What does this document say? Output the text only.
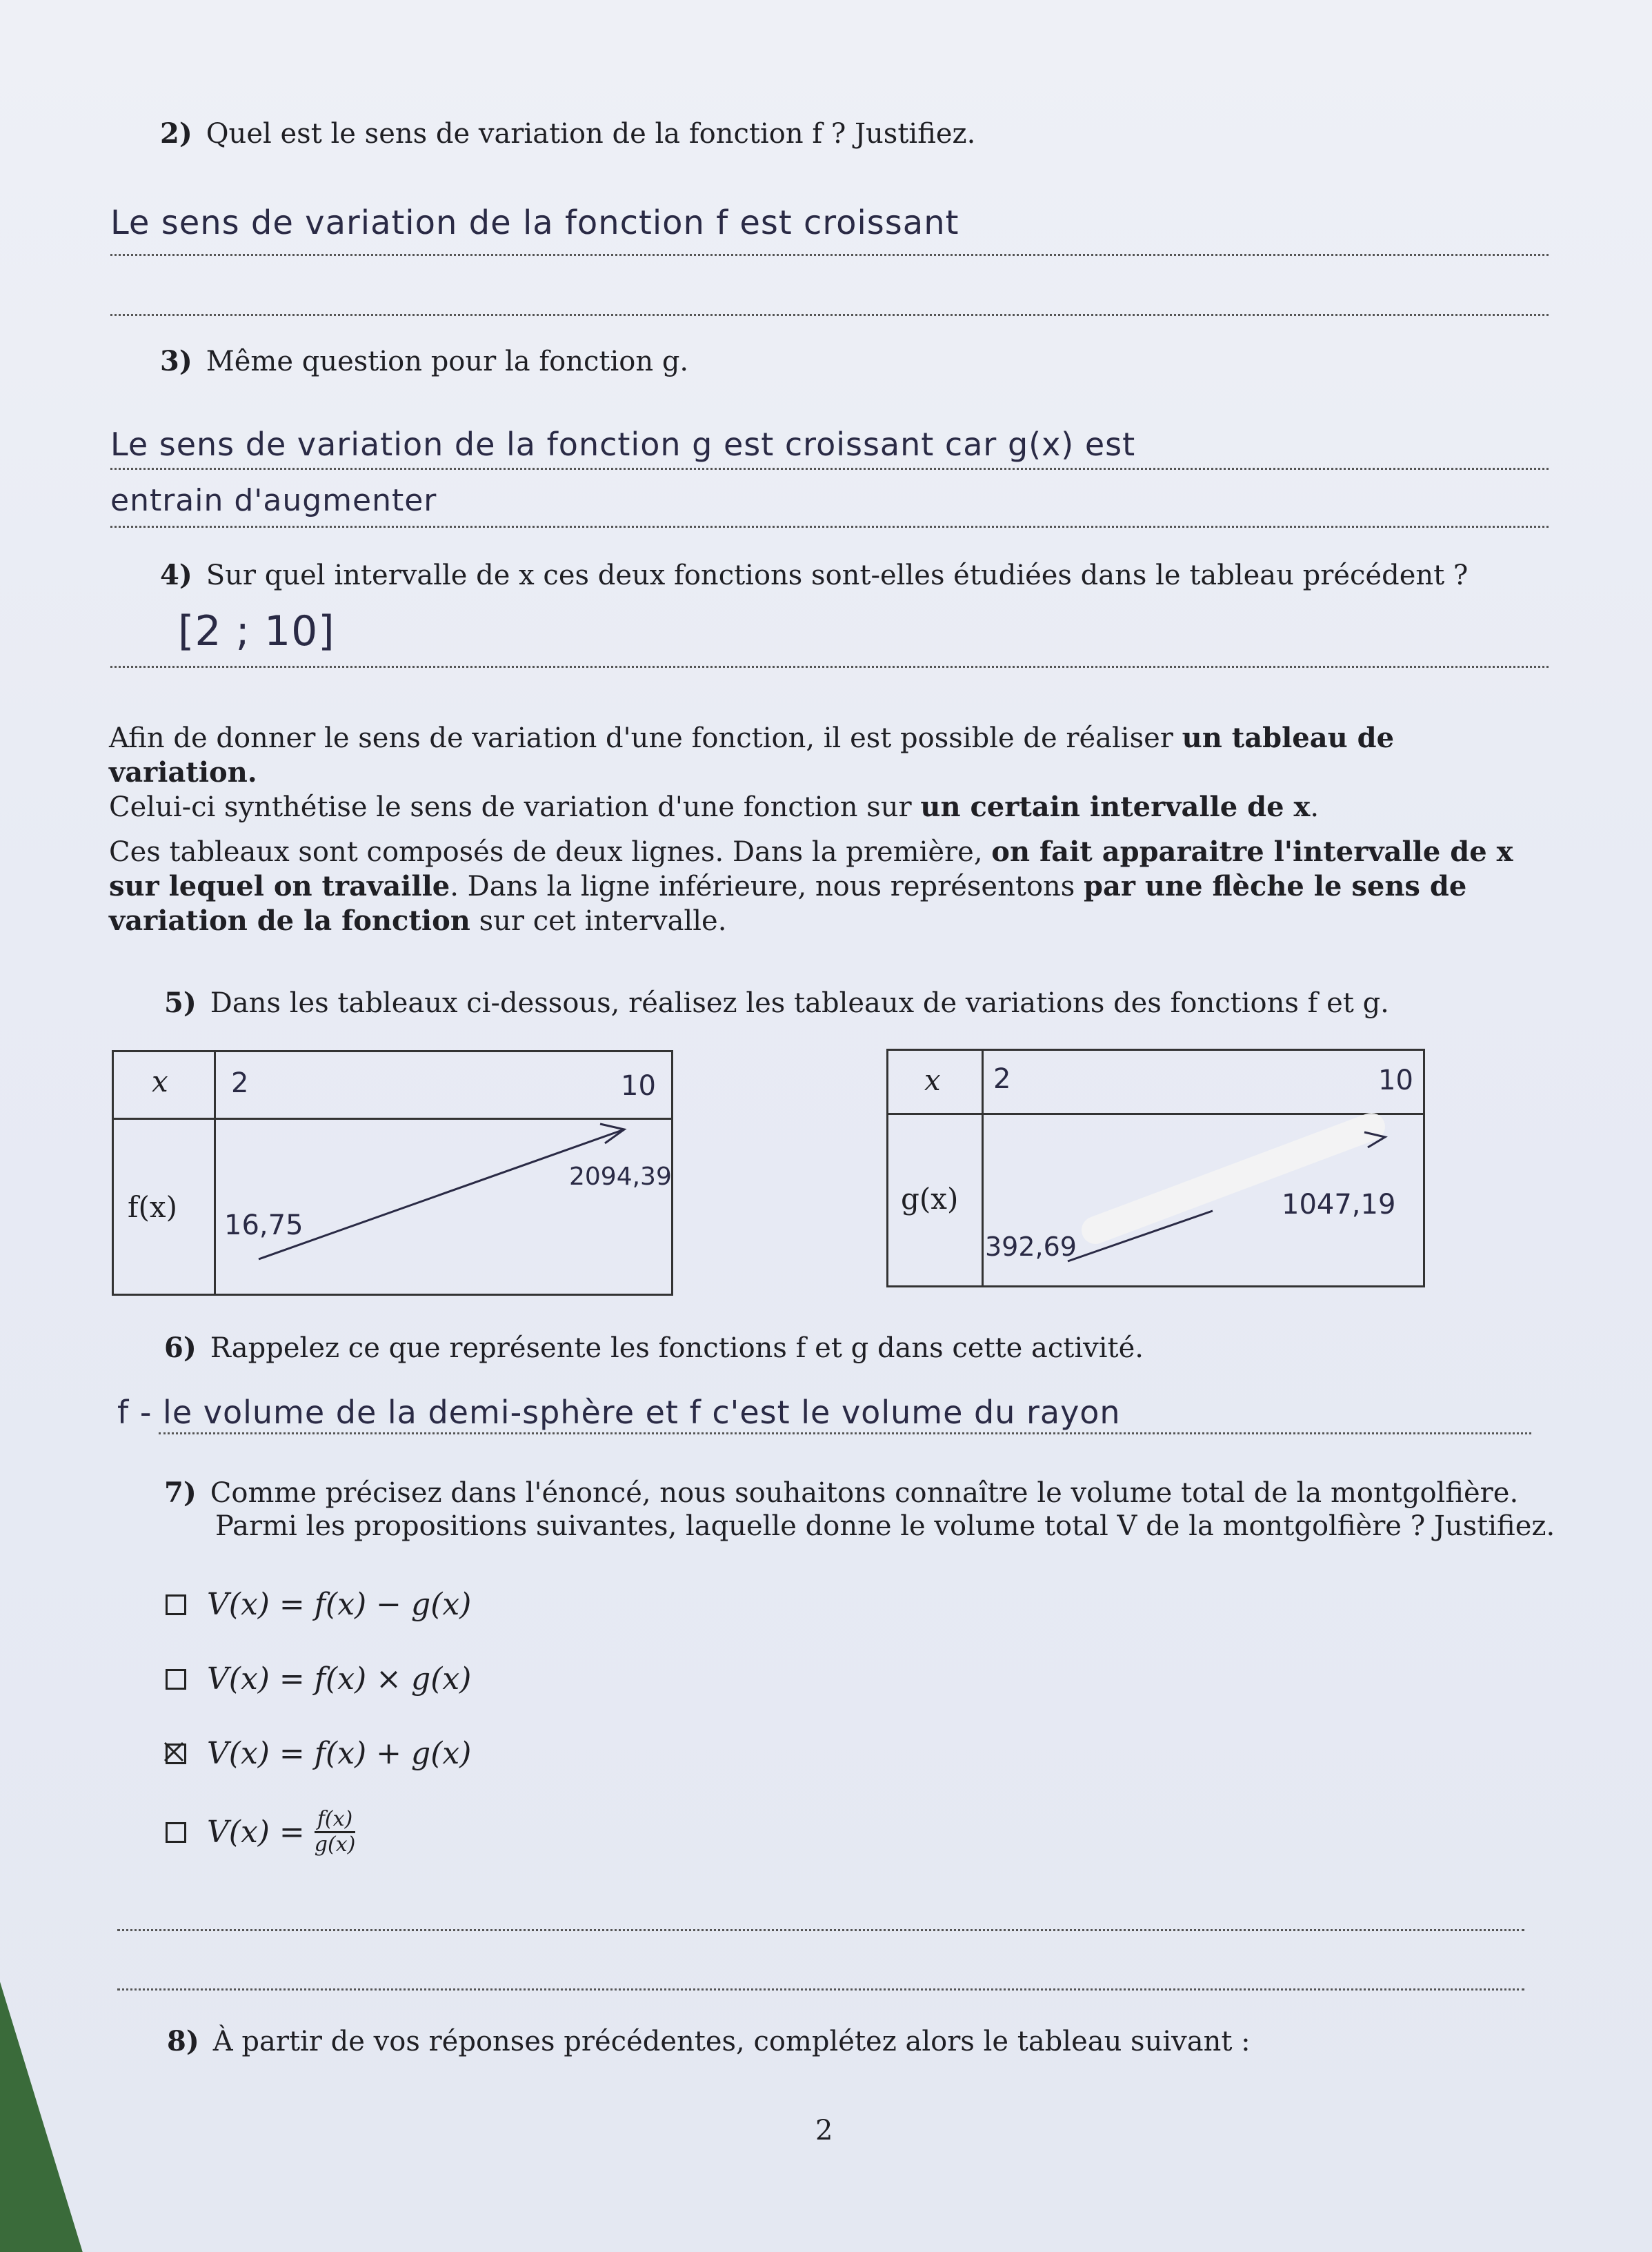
2) Quel est le sens de variation de la fonction f ? Justifiez.
Le sens de variation de la fonction f est croissant
3) Même question pour la fonction g.
Le sens de variation de la fonction g est croissant car g(x) est
entrain d'augmenter
4) Sur quel intervalle de x ces deux fonctions sont-elles étudiées dans le tableau précédent ?
[2 ; 10]
Afin de donner le sens de variation d'une fonction, il est possible de réaliser un tableau de variation.
Celui-ci synthétise le sens de variation d'une fonction sur un certain intervalle de x.
Ces tableaux sont composés de deux lignes. Dans la première, on fait apparaitre l'intervalle de x sur lequel on travaille. Dans la ligne inférieure, nous représentons par une flèche le sens de variation de la fonction sur cet intervalle.
5) Dans les tableaux ci-dessous, réalisez les tableaux de variations des fonctions f et g.
x
f(x)
2	10
16,75
2094,39
x
g(x)
2	10
392,69
1047,19
6) Rappelez ce que représente les fonctions f et g dans cette activité.
f - le volume de la demi-sphère et f c'est le volume du rayon
7) Comme précisez dans l'énoncé, nous souhaitons connaître le volume total de la montgolfière.
Parmi les propositions suivantes, laquelle donne le volume total V de la montgolfière ? Justifiez.
V(x) = f(x) − g(x)
V(x) = f(x) × g(x)
V(x) = f(x) + g(x)
$V(x) = \frac{f(x)}{g(x)}$
8) À partir de vos réponses précédentes, complétez alors le tableau suivant :
2
